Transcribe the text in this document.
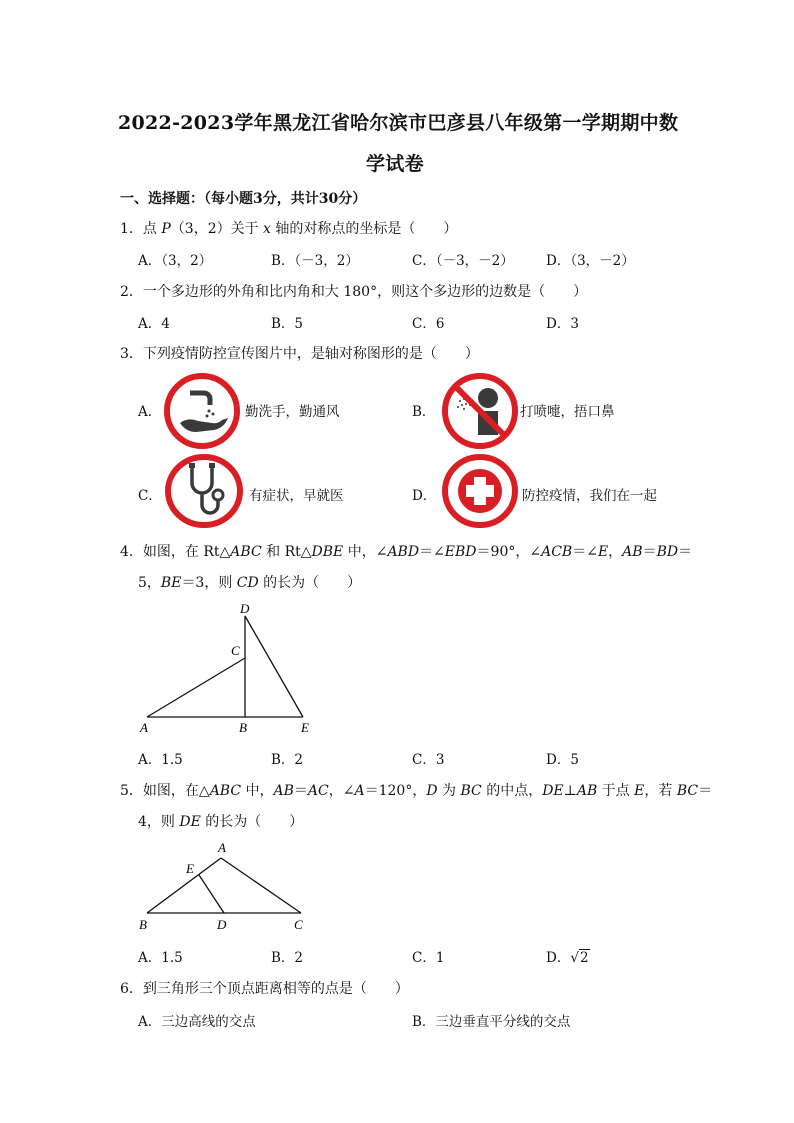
2022-2023学年黑龙江省哈尔滨市巴彦县八年级第一学期期中数
学试卷
一、选择题：（每小题3分，共计30分）
1．点 P（3，2）关于 x 轴的对称点的坐标是（　　）
A．（3，2）	B．（－3，2）	C．（－3，－2） D．（3，－2）
2．一个多边形的外角和比内角和大 180°，则这个多边形的边数是（　　）
A．4	B．5	C．6	D．3
3．下列疫情防控宣传图片中，是轴对称图形的是（　　）
A．	勤洗手，勤通风	B．	打喷嚏，捂口鼻
C．	有症状，早就医	D．	防控疫情，我们在一起
4．如图，在 Rt△ABC 和 Rt△DBE 中，∠ABD＝∠EBD＝90°，∠ACB＝∠E，AB＝BD＝
5，BE＝3，则 CD 的长为（　　）
D
C
A	B	E
A．1.5	B．2	C．3	D．5
5．如图，在△ABC 中，AB＝AC，∠A＝120°，D 为 BC 的中点，DE⊥AB 于点 E，若 BC＝
4，则 DE 的长为（　　）
A
E
B	D	C
A．1.5	B．2	C．1	D．√2
6．到三角形三个顶点距离相等的点是（　　）
A．三边高线的交点	B．三边垂直平分线的交点
